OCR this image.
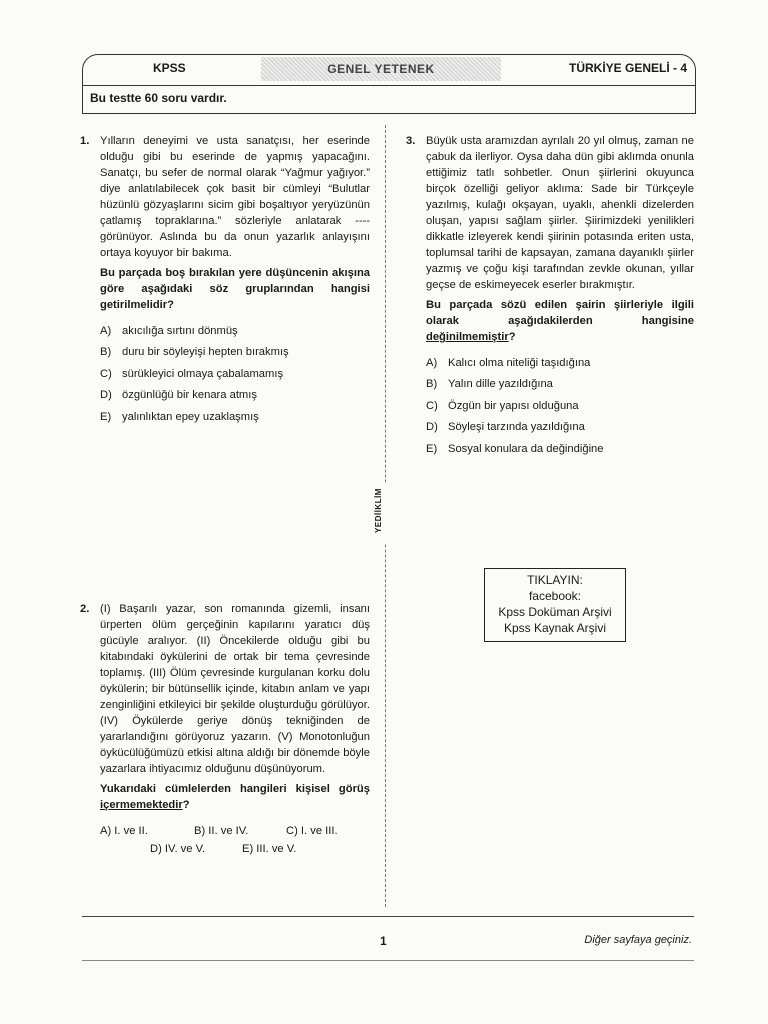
KPSS	GENEL YETENEK	TÜRKİYE GENELİ - 4
Bu testte 60 soru vardır.
YEDİİKLİM
1. Yılların deneyimi ve usta sanatçısı, her eserinde olduğu gibi bu eserinde de yapmış yapacağını. Sanatçı, bu sefer de normal olarak “Yağmur yağıyor.” diye anlatılabilecek çok basit bir cümleyi “Bulutlar hüzünlü gözyaşlarını sicim gibi boşaltıyor yeryüzünün çatlamış topraklarına.” sözleriyle anlatarak ---- görünüyor. Aslında bu da onun yazarlık anlayışını ortaya koyuyor bir bakıma.

Bu parçada boş bırakılan yere düşüncenin akışına göre aşağıdaki söz gruplarından hangisi getirilmelidir?

A) akıcılığa sırtını dönmüş
B) duru bir söyleyişi hepten bırakmış
C) sürükleyici olmaya çabalamamış
D) özgünlüğü bir kenara atmış
E) yalınlıktan epey uzaklaşmış
2. (I) Başarılı yazar, son romanında gizemli, insanı ürperten ölüm gerçeğinin kapılarını yaratıcı düş gücüyle aralıyor. (II) Öncekilerde olduğu gibi bu kitabındaki öykülerini de ortak bir tema çevresinde toplamış. (III) Ölüm çevresinde kurgulanan korku dolu öykülerin; bir bütünsellik içinde, kitabın anlam ve yapı zenginliğini etkileyici bir şekilde oluşturduğu görülüyor. (IV) Öykülerde geriye dönüş tekniğinden de yararlandığını görüyoruz yazarın. (V) Monotonluğun öykücülüğümüzü etkisi altına aldığı bir dönemde böyle yazarlara ihtiyacımız olduğunu düşünüyorum.

Yukarıdaki cümlelerden hangileri kişisel görüş içermemektedir?

A) I. ve II.	B) II. ve IV.	C) I. ve III.
D) IV. ve V.	E) III. ve V.
3. Büyük usta aramızdan ayrılalı 20 yıl olmuş, zaman ne çabuk da ilerliyor. Oysa daha dün gibi aklımda onunla ettiğimiz tatlı sohbetler. Onun şiirlerini okuyunca birçok özelliği geliyor aklıma: Sade bir Türkçeyle yazılmış, kulağı okşayan, uyaklı, ahenkli dizelerden oluşan, yapısı sağlam şiirler. Şiirimizdeki yenilikleri dikkatle izleyerek kendi şiirinin potasında eriten usta, toplumsal tarihi de kapsayan, zamana dayanıklı şiirler yazmış ve çoğu kişi tarafından zevkle okunan, yıllar geçse de eskimeyecek eserler bırakmıştır.

Bu parçada sözü edilen şairin şiirleriyle ilgili olarak aşağıdakilerden hangisine değinilmemiştir?

A) Kalıcı olma niteliği taşıdığına
B) Yalın dille yazıldığına
C) Özgün bir yapısı olduğuna
D) Söyleşi tarzında yazıldığına
E) Sosyal konulara da değindiğine
TIKLAYIN:
facebook:
Kpss Doküman Arşivi
Kpss Kaynak Arşivi
1	Diğer sayfaya geçiniz.
